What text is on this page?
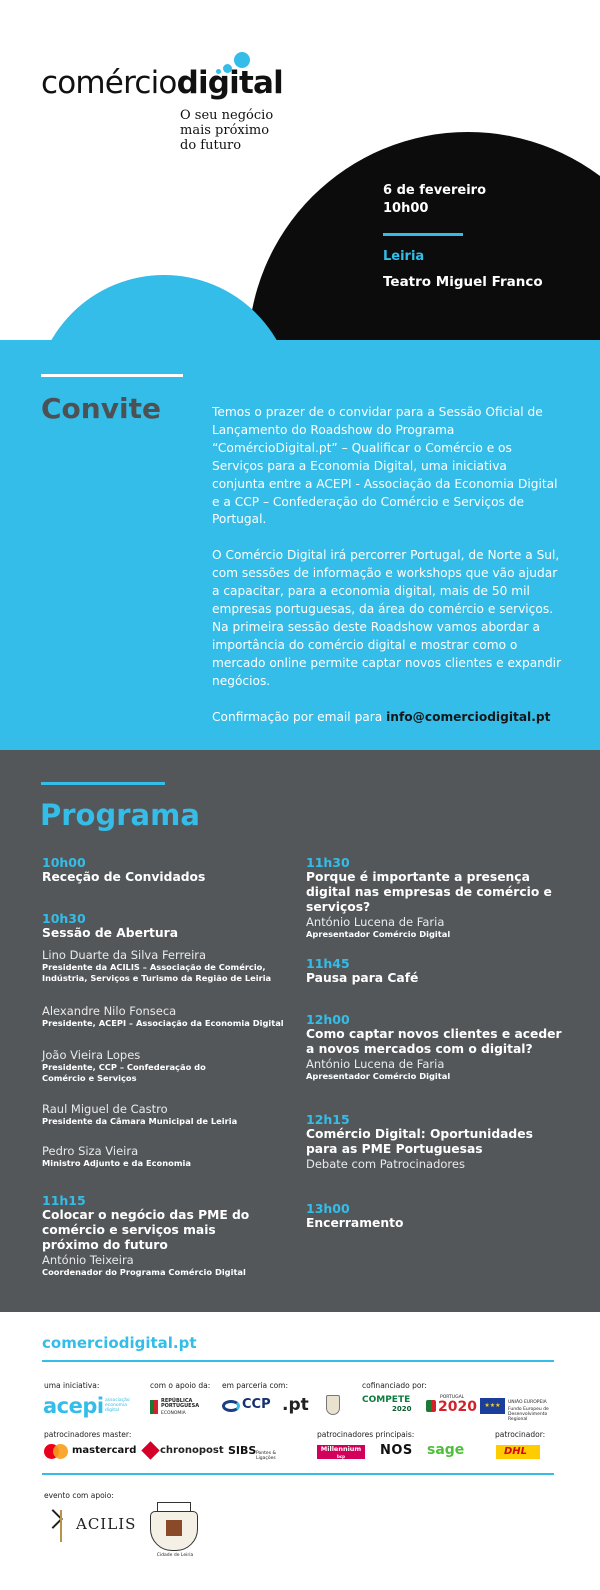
comérciodigital
O seu negócio
mais próximo
do futuro
6 de fevereiro
10h00
Leiria
Teatro Miguel Franco
Convite	Temos o prazer de o convidar para a Sessão Oficial de Lançamento do Roadshow do Programa “ComércioDigital.pt” – Qualificar o Comércio e os Serviços para a Economia Digital, uma iniciativa conjunta entre a ACEPI - Associação da Economia Digital e a CCP – Confederação do Comércio e Serviços de Portugal.

O Comércio Digital irá percorrer Portugal, de Norte a Sul, com sessões de informação e workshops que vão ajudar a capacitar, para a economia digital, mais de 50 mil empresas portuguesas, da área do comércio e serviços. Na primeira sessão deste Roadshow vamos abordar a importância do comércio digital e mostrar como o mercado online permite captar novos clientes e expandir negócios.

Confirmação por email para info@comerciodigital.pt

Programa
10h00
Receção de Convidados
10h30
Sessão de Abertura
Lino Duarte da Silva Ferreira
Presidente da ACILIS – Associação de Comércio, Indústria, Serviços e Turismo da Região de Leiria
Alexandre Nilo Fonseca
Presidente, ACEPI – Associação da Economia Digital
João Vieira Lopes
Presidente, CCP – Confederação do Comércio e Serviços
Raul Miguel de Castro
Presidente da Câmara Municipal de Leiria
Pedro Siza Vieira
Ministro Adjunto e da Economia
11h15
Colocar o negócio das PME do comércio e serviços mais próximo do futuro
António Teixeira
Coordenador do Programa Comércio Digital
11h30
Porque é importante a presença digital nas empresas de comércio e serviços?
António Lucena de Faria
Apresentador Comércio Digital
11h45
Pausa para Café
12h00
Como captar novos clientes e aceder a novos mercados com o digital?
António Lucena de Faria
Apresentador Comércio Digital
12h15
Comércio Digital: Oportunidades para as PME Portuguesas
Debate com Patrocinadores
13h00
Encerramento
comerciodigital.pt
uma iniciativa:	com o apoio da: em parceria com:	cofinanciado por:
acepi associação economia digital
REPÚBLICA PORTUGUESA
ECONOMIA
CCP .pt	COMPETE
2020
PORTUGAL
2020	★★★	UNIÃO EUROPEIA
Fundo Europeu de Desenvolvimento Regional
patrocinadores master:	patrocinadores principais:	patrocinador:
mastercard chronopost SIBS Pontes & Ligações
Millennium
bcp	NOS sage	DHL
evento com apoio:
ACILIS
Cidade de Leiria
